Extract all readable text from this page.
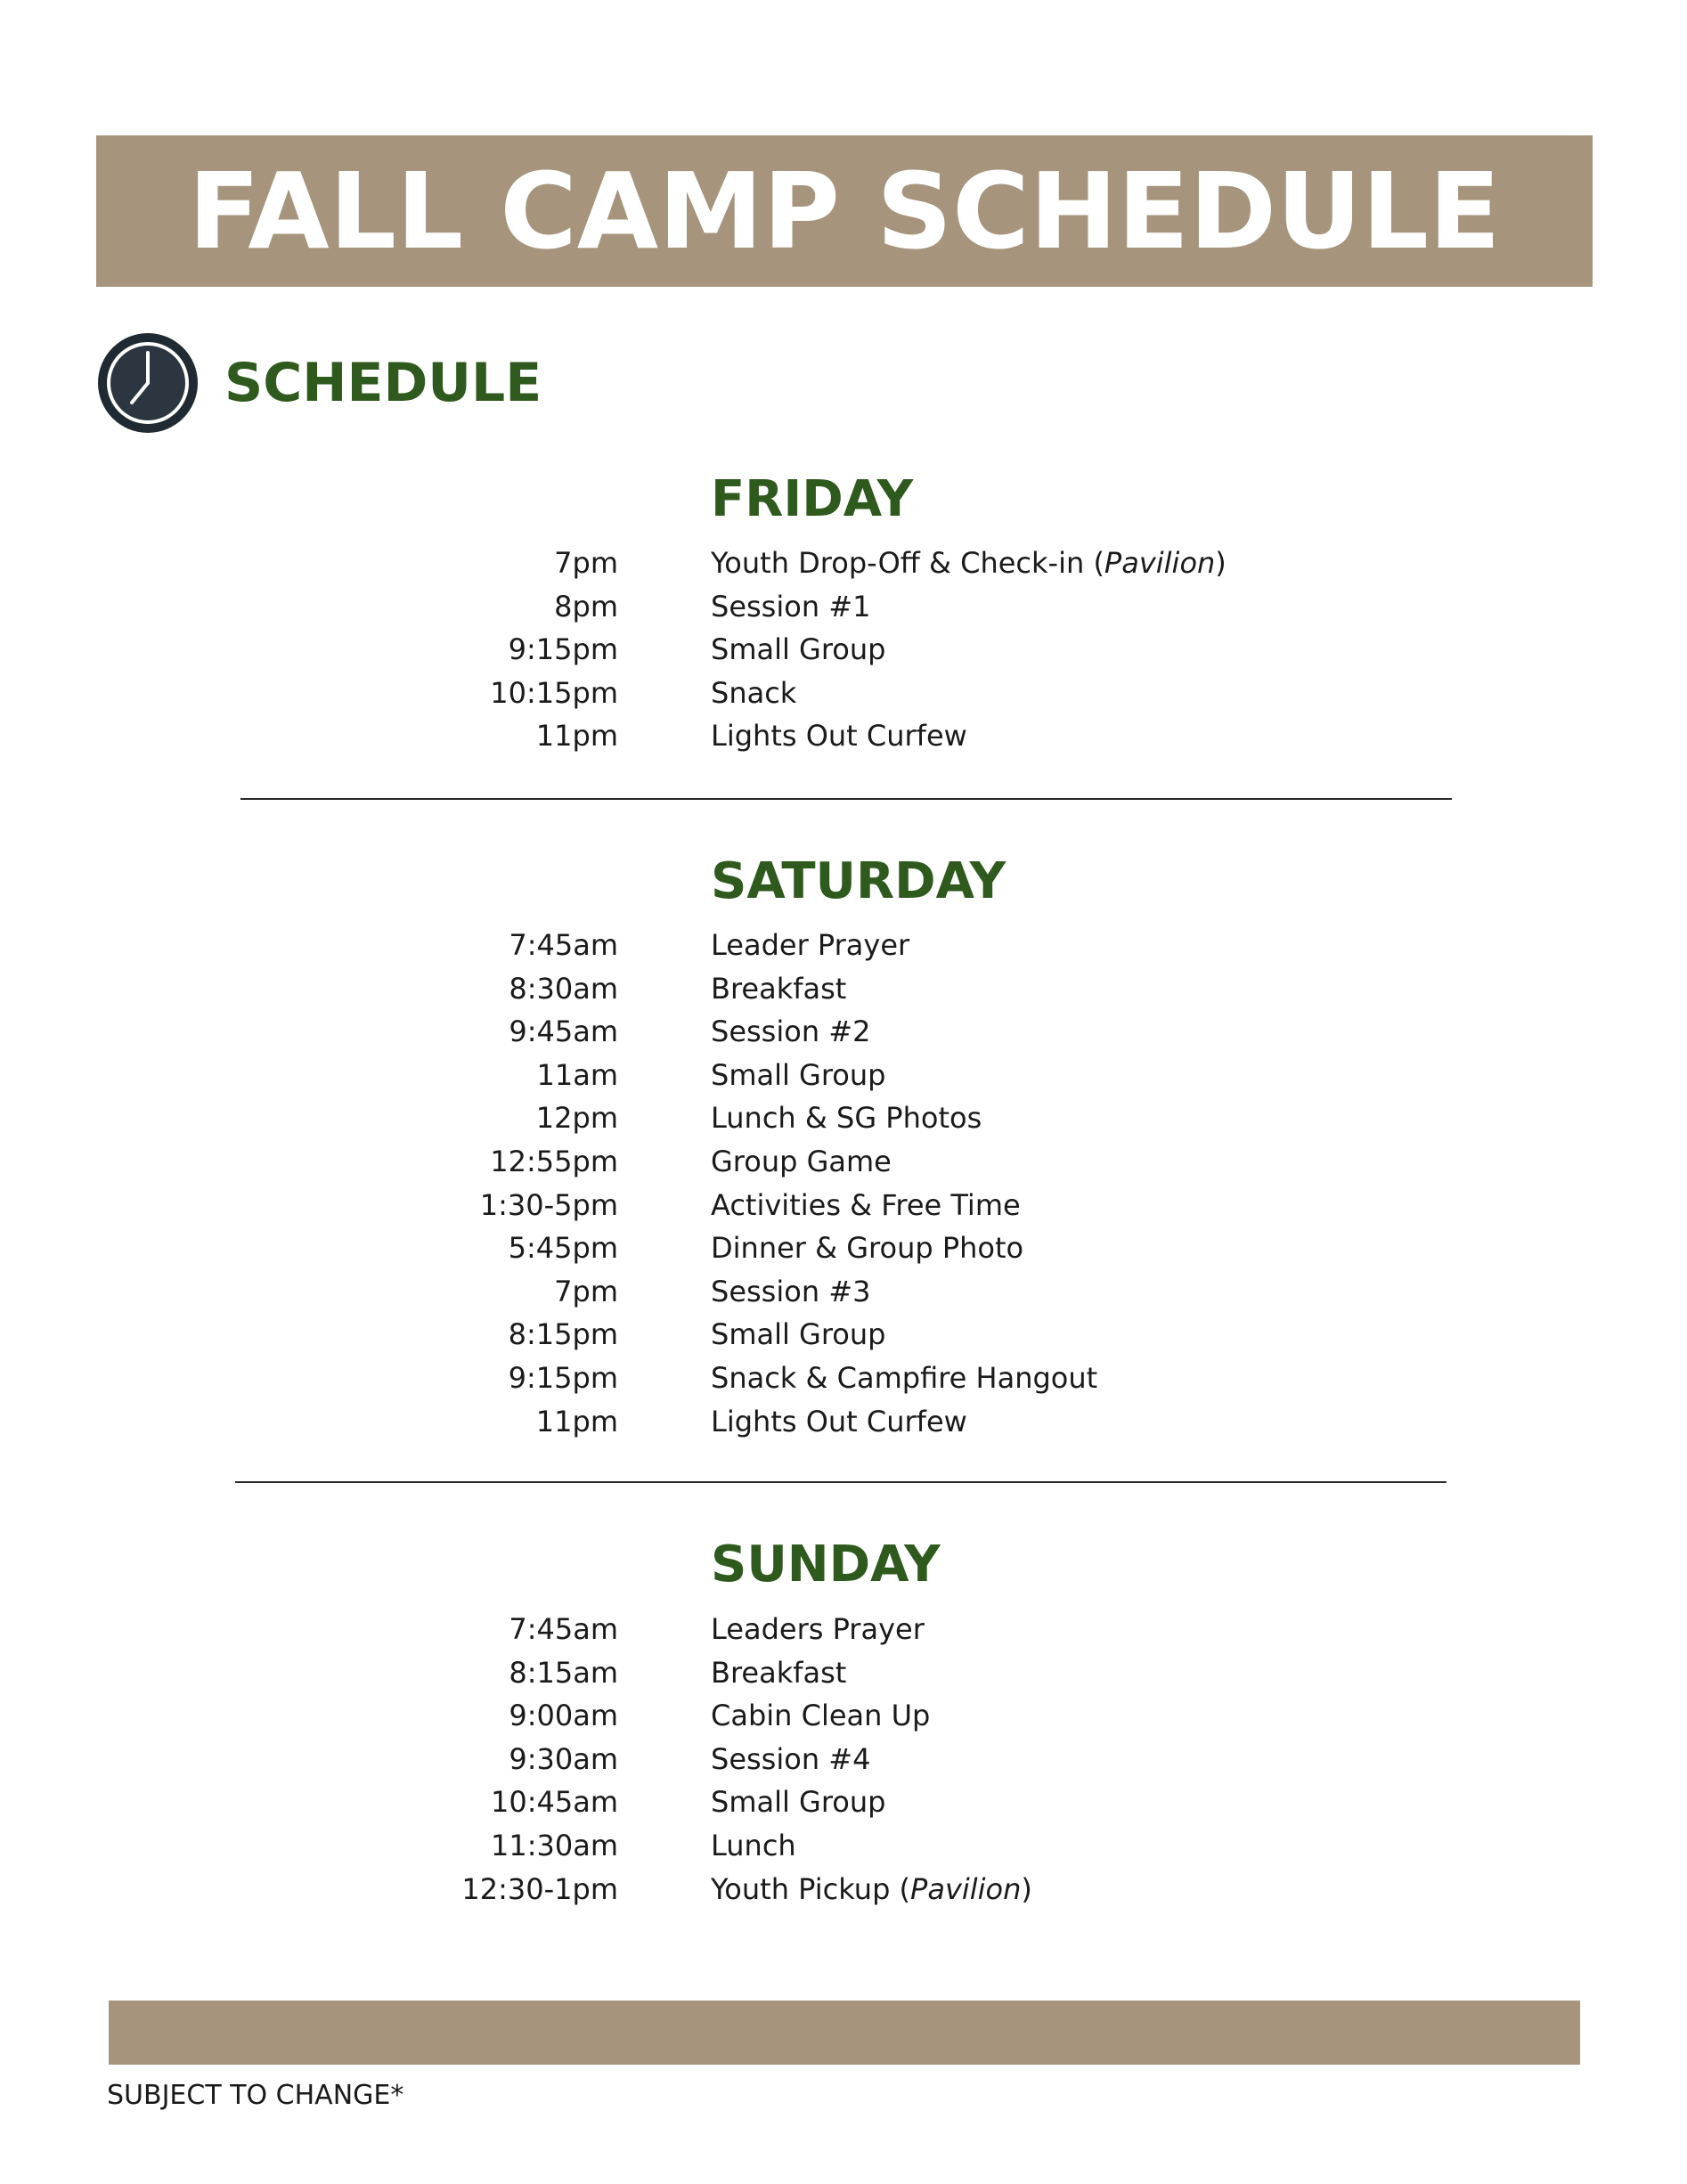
FALL CAMP SCHEDULE
SCHEDULE
FRIDAY
7pm	Youth Drop-Off & Check-in (Pavilion)
8pm	Session #1
9:15pm	Small Group
10:15pm	Snack
11pm	Lights Out Curfew
SATURDAY
7:45am	Leader Prayer
8:30am	Breakfast
9:45am	Session #2
11am	Small Group
12pm	Lunch & SG Photos
12:55pm	Group Game
1:30-5pm	Activities & Free Time
5:45pm	Dinner & Group Photo
7pm	Session #3
8:15pm	Small Group
9:15pm	Snack & Campfire Hangout
11pm	Lights Out Curfew
SUNDAY
7:45am	Leaders Prayer
8:15am	Breakfast
9:00am	Cabin Clean Up
9:30am	Session #4
10:45am	Small Group
11:30am	Lunch
12:30-1pm	Youth Pickup (Pavilion)
SUBJECT TO CHANGE*
